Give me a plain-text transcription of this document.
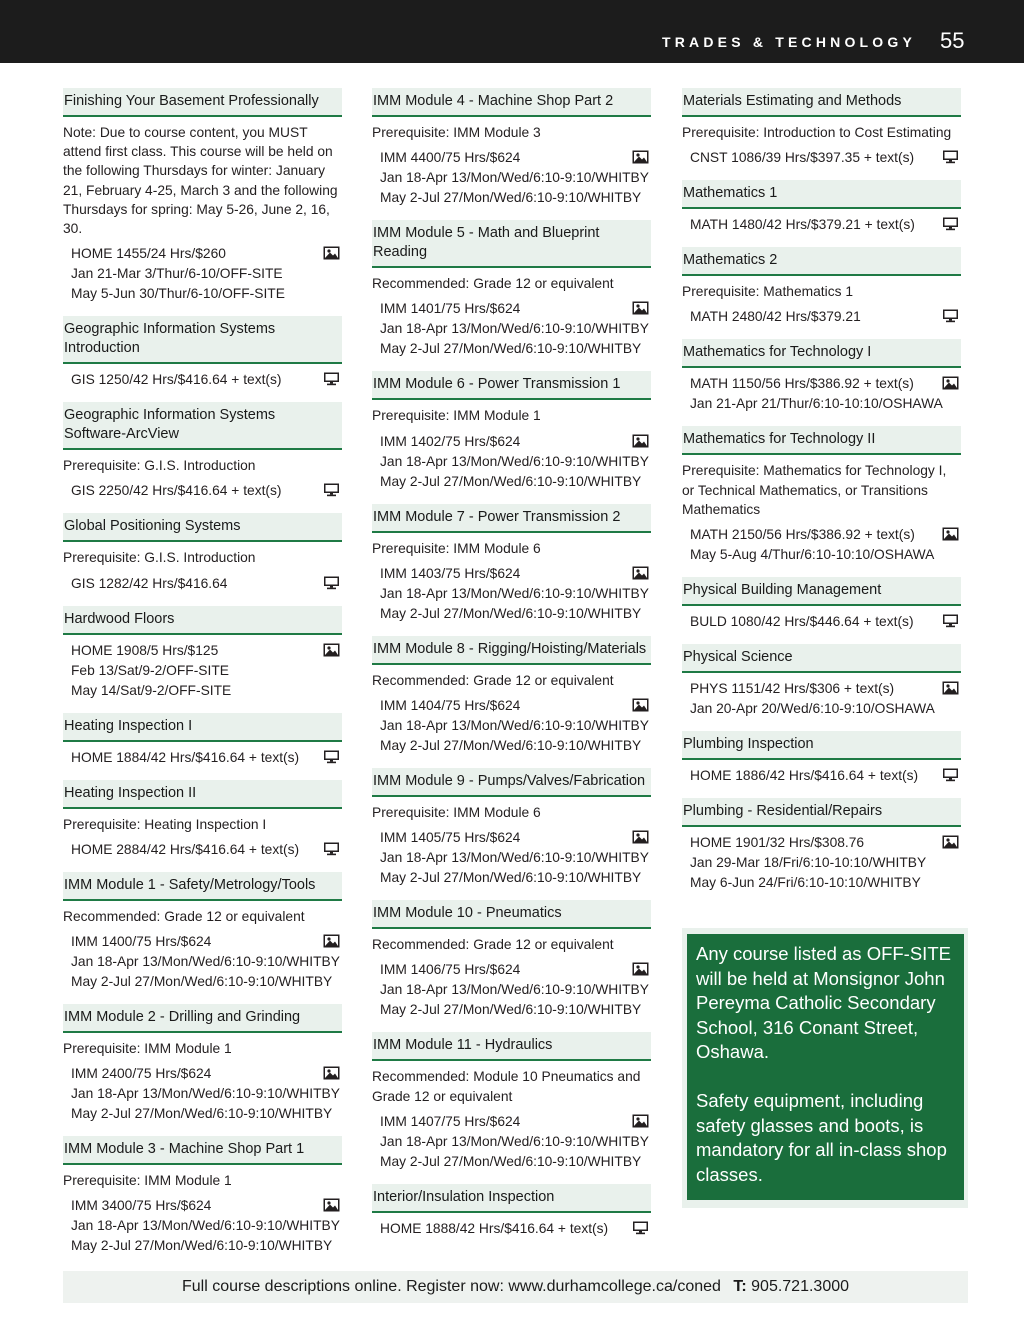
TRADES & TECHNOLOGY 55
Finishing Your Basement Professionally
Note: Due to course content, you MUST attend first class. This course will be held on the following Thursdays for winter: January 21, February 4-25, March 3 and the following Thursdays for spring: May 5-26, June 2, 16, 30.
HOME 1455/24 Hrs/$260
Jan 21-Mar 3/Thur/6-10/OFF-SITE
May 5-Jun 30/Thur/6-10/OFF-SITE
Geographic Information Systems Introduction
GIS 1250/42 Hrs/$416.64 + text(s)
Geographic Information Systems Software-ArcView
Prerequisite: G.I.S. Introduction
GIS 2250/42 Hrs/$416.64 + text(s)
Global Positioning Systems
Prerequisite: G.I.S. Introduction
GIS 1282/42 Hrs/$416.64
Hardwood Floors
HOME 1908/5 Hrs/$125
Feb 13/Sat/9-2/OFF-SITE
May 14/Sat/9-2/OFF-SITE
Heating Inspection I
HOME 1884/42 Hrs/$416.64 + text(s)
Heating Inspection II
Prerequisite: Heating Inspection I
HOME 2884/42 Hrs/$416.64 + text(s)
IMM Module 1 - Safety/Metrology/Tools
Recommended: Grade 12 or equivalent
IMM 1400/75 Hrs/$624
Jan 18-Apr 13/Mon/Wed/6:10-9:10/WHITBY
May 2-Jul 27/Mon/Wed/6:10-9:10/WHITBY
IMM Module 2 - Drilling and Grinding
Prerequisite: IMM Module 1
IMM 2400/75 Hrs/$624
Jan 18-Apr 13/Mon/Wed/6:10-9:10/WHITBY
May 2-Jul 27/Mon/Wed/6:10-9:10/WHITBY
IMM Module 3 - Machine Shop Part 1
Prerequisite: IMM Module 1
IMM 3400/75 Hrs/$624
Jan 18-Apr 13/Mon/Wed/6:10-9:10/WHITBY
May 2-Jul 27/Mon/Wed/6:10-9:10/WHITBY
IMM Module 4 - Machine Shop Part 2
Prerequisite: IMM Module 3
IMM 4400/75 Hrs/$624
Jan 18-Apr 13/Mon/Wed/6:10-9:10/WHITBY
May 2-Jul 27/Mon/Wed/6:10-9:10/WHITBY
IMM Module 5 - Math and Blueprint Reading
Recommended: Grade 12 or equivalent
IMM 1401/75 Hrs/$624
Jan 18-Apr 13/Mon/Wed/6:10-9:10/WHITBY
May 2-Jul 27/Mon/Wed/6:10-9:10/WHITBY
IMM Module 6 - Power Transmission 1
Prerequisite: IMM Module 1
IMM 1402/75 Hrs/$624
Jan 18-Apr 13/Mon/Wed/6:10-9:10/WHITBY
May 2-Jul 27/Mon/Wed/6:10-9:10/WHITBY
IMM Module 7 - Power Transmission 2
Prerequisite: IMM Module 6
IMM 1403/75 Hrs/$624
Jan 18-Apr 13/Mon/Wed/6:10-9:10/WHITBY
May 2-Jul 27/Mon/Wed/6:10-9:10/WHITBY
IMM Module 8 - Rigging/Hoisting/Materials
Recommended: Grade 12 or equivalent
IMM 1404/75 Hrs/$624
Jan 18-Apr 13/Mon/Wed/6:10-9:10/WHITBY
May 2-Jul 27/Mon/Wed/6:10-9:10/WHITBY
IMM Module 9 - Pumps/Valves/Fabrication
Prerequisite: IMM Module 6
IMM 1405/75 Hrs/$624
Jan 18-Apr 13/Mon/Wed/6:10-9:10/WHITBY
May 2-Jul 27/Mon/Wed/6:10-9:10/WHITBY
IMM Module 10 - Pneumatics
Recommended: Grade 12 or equivalent
IMM 1406/75 Hrs/$624
Jan 18-Apr 13/Mon/Wed/6:10-9:10/WHITBY
May 2-Jul 27/Mon/Wed/6:10-9:10/WHITBY
IMM Module 11 - Hydraulics
Recommended: Module 10 Pneumatics and Grade 12 or equivalent
IMM 1407/75 Hrs/$624
Jan 18-Apr 13/Mon/Wed/6:10-9:10/WHITBY
May 2-Jul 27/Mon/Wed/6:10-9:10/WHITBY
Interior/Insulation Inspection
HOME 1888/42 Hrs/$416.64 + text(s)
Materials Estimating and Methods
Prerequisite: Introduction to Cost Estimating
CNST 1086/39 Hrs/$397.35 + text(s)
Mathematics 1
MATH 1480/42 Hrs/$379.21 + text(s)
Mathematics 2
Prerequisite: Mathematics 1
MATH 2480/42 Hrs/$379.21
Mathematics for Technology I
MATH 1150/56 Hrs/$386.92 + text(s)
Jan 21-Apr 21/Thur/6:10-10:10/OSHAWA
Mathematics for Technology II
Prerequisite: Mathematics for Technology I, or Technical Mathematics, or Transitions Mathematics
MATH 2150/56 Hrs/$386.92 + text(s)
May 5-Aug 4/Thur/6:10-10:10/OSHAWA
Physical Building Management
BULD 1080/42 Hrs/$446.64 + text(s)
Physical Science
PHYS 1151/42 Hrs/$306 + text(s)
Jan 20-Apr 20/Wed/6:10-9:10/OSHAWA
Plumbing Inspection
HOME 1886/42 Hrs/$416.64 + text(s)
Plumbing - Residential/Repairs
HOME 1901/32 Hrs/$308.76
Jan 29-Mar 18/Fri/6:10-10:10/WHITBY
May 6-Jun 24/Fri/6:10-10:10/WHITBY

Any course listed as OFF-SITE will be held at Monsignor John Pereyma Catholic Secondary School, 316 Conant Street, Oshawa.

Safety equipment, including safety glasses and boots, is mandatory for all in-class shop classes.

Full course descriptions online. Register now: www.durhamcollege.ca/coned T: 905.721.3000
